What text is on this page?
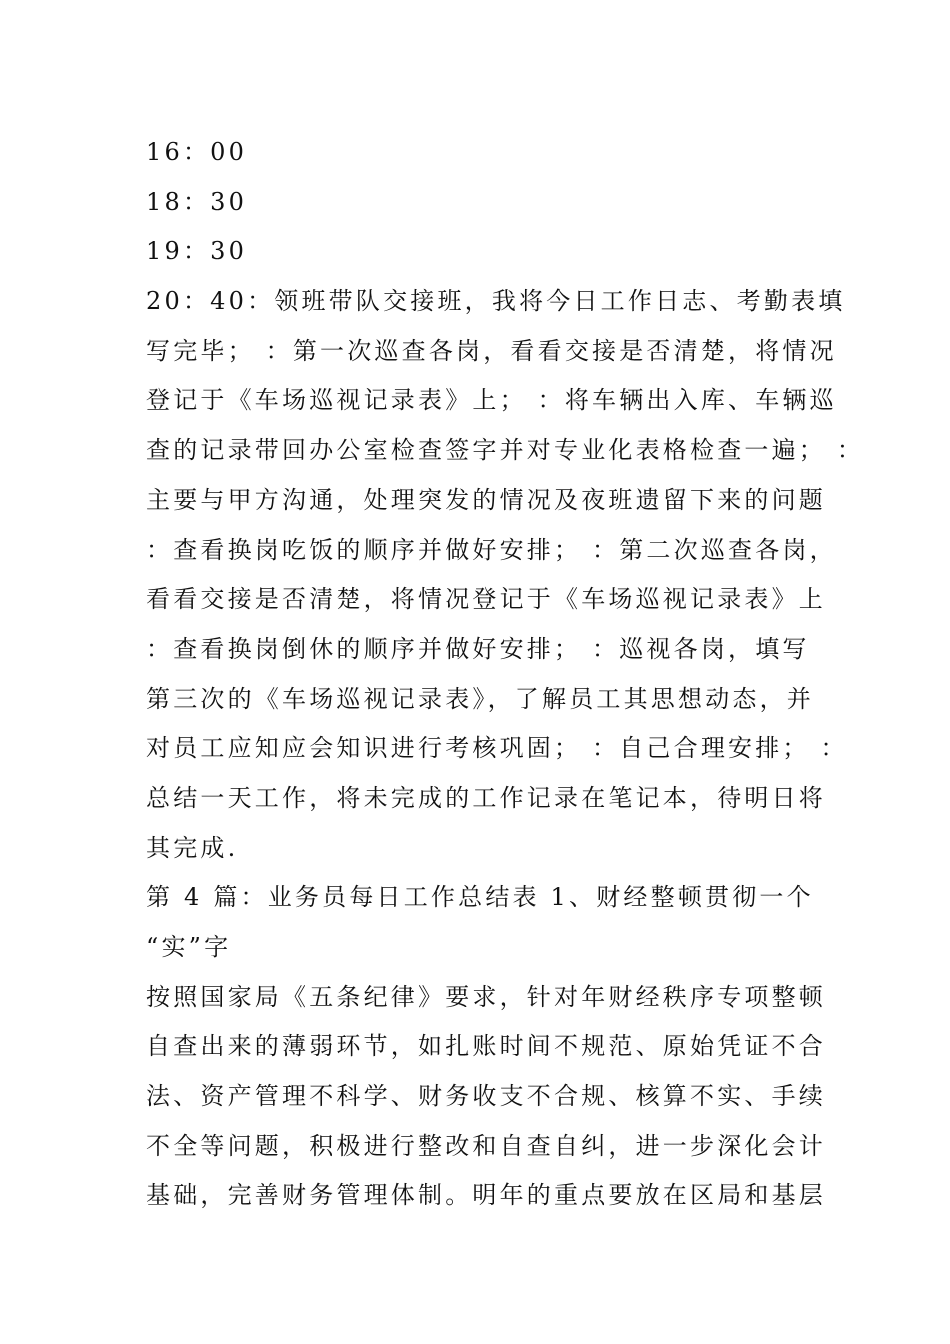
16：00
18：30
19：30
20：40：领班带队交接班，我将今日工作日志、考勤表填
写完毕； ：第一次巡查各岗，看看交接是否清楚，将情况
登记于《车场巡视记录表》上； ：将车辆出入库、车辆巡
查的记录带回办公室检查签字并对专业化表格检查一遍； ：
主要与甲方沟通，处理突发的情况及夜班遗留下来的问题
：查看换岗吃饭的顺序并做好安排； ：第二次巡查各岗，
看看交接是否清楚，将情况登记于《车场巡视记录表》上
：查看换岗倒休的顺序并做好安排； ：巡视各岗，填写
第三次的《车场巡视记录表》，了解员工其思想动态，并
对员工应知应会知识进行考核巩固； ：自己合理安排； ：
总结一天工作，将未完成的工作记录在笔记本，待明日将
其完成.
第 4 篇：业务员每日工作总结表 1、财经整顿贯彻一个
“实”字
按照国家局《五条纪律》要求，针对年财经秩序专项整顿
自查出来的薄弱环节，如扎账时间不规范、原始凭证不合
法、资产管理不科学、财务收支不合规、核算不实、手续
不全等问题，积极进行整改和自查自纠，进一步深化会计
基础，完善财务管理体制。明年的重点要放在区局和基层
